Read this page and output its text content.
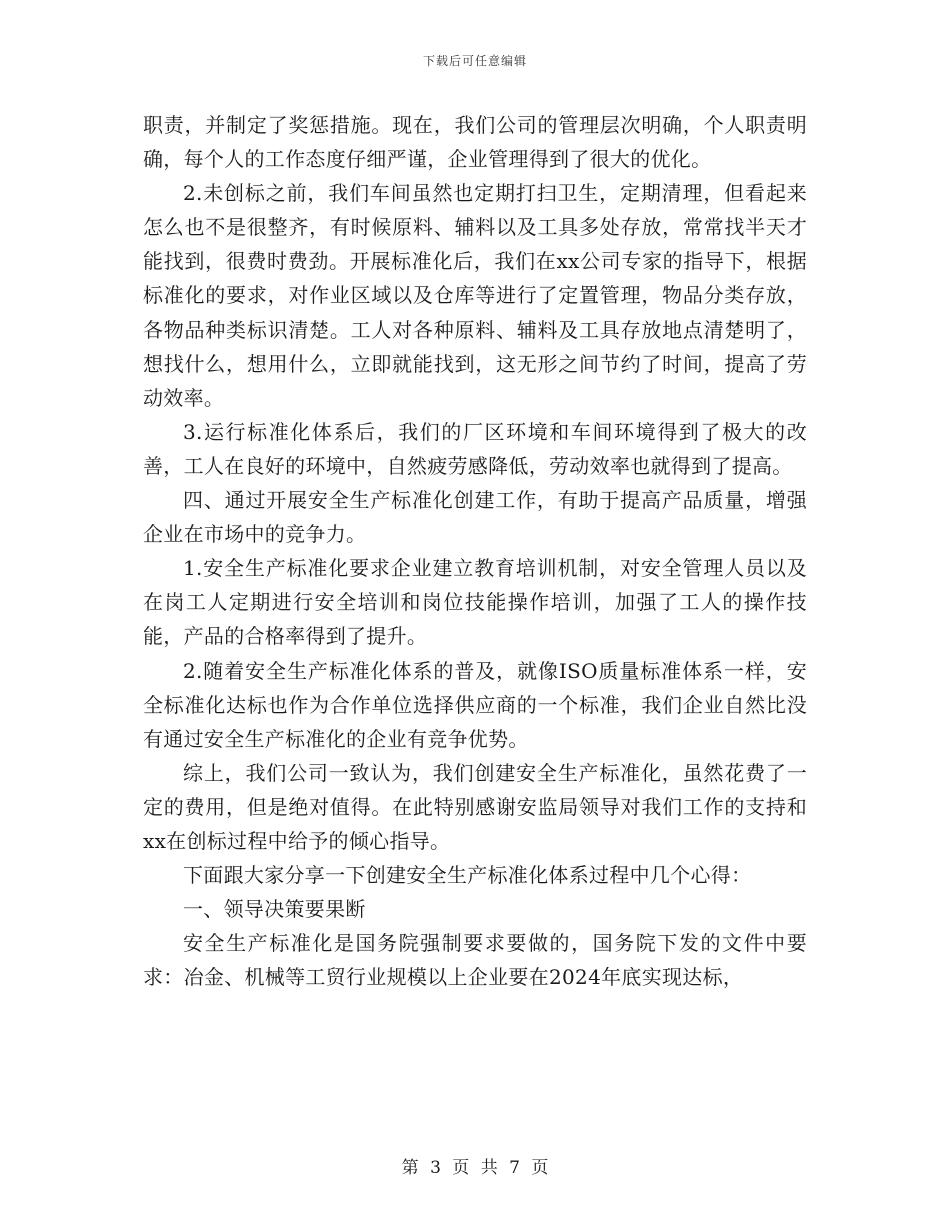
下载后可任意编辑

职责，并制定了奖惩措施。现在，我们公司的管理层次明确，个人职责明确，每个人的工作态度仔细严谨，企业管理得到了很大的优化。

2.未创标之前，我们车间虽然也定期打扫卫生，定期清理，但看起来怎么也不是很整齐，有时候原料、辅料以及工具多处存放，常常找半天才能找到，很费时费劲。开展标准化后，我们在xx公司专家的指导下，根据标准化的要求，对作业区域以及仓库等进行了定置管理，物品分类存放，各物品种类标识清楚。工人对各种原料、辅料及工具存放地点清楚明了，想找什么，想用什么，立即就能找到，这无形之间节约了时间，提高了劳动效率。

3.运行标准化体系后，我们的厂区环境和车间环境得到了极大的改善，工人在良好的环境中，自然疲劳感降低，劳动效率也就得到了提高。

四、通过开展安全生产标准化创建工作，有助于提高产品质量，增强企业在市场中的竞争力。

1.安全生产标准化要求企业建立教育培训机制，对安全管理人员以及在岗工人定期进行安全培训和岗位技能操作培训，加强了工人的操作技能，产品的合格率得到了提升。

2.随着安全生产标准化体系的普及，就像ISO质量标准体系一样，安全标准化达标也作为合作单位选择供应商的一个标准，我们企业自然比没有通过安全生产标准化的企业有竞争优势。

综上，我们公司一致认为，我们创建安全生产标准化，虽然花费了一定的费用，但是绝对值得。在此特别感谢安监局领导对我们工作的支持和xx在创标过程中给予的倾心指导。

下面跟大家分享一下创建安全生产标准化体系过程中几个心得：

一、领导决策要果断

安全生产标准化是国务院强制要求要做的，国务院下发的文件中要求：冶金、机械等工贸行业规模以上企业要在2024年底实现达标，

第 3 页 共 7 页
